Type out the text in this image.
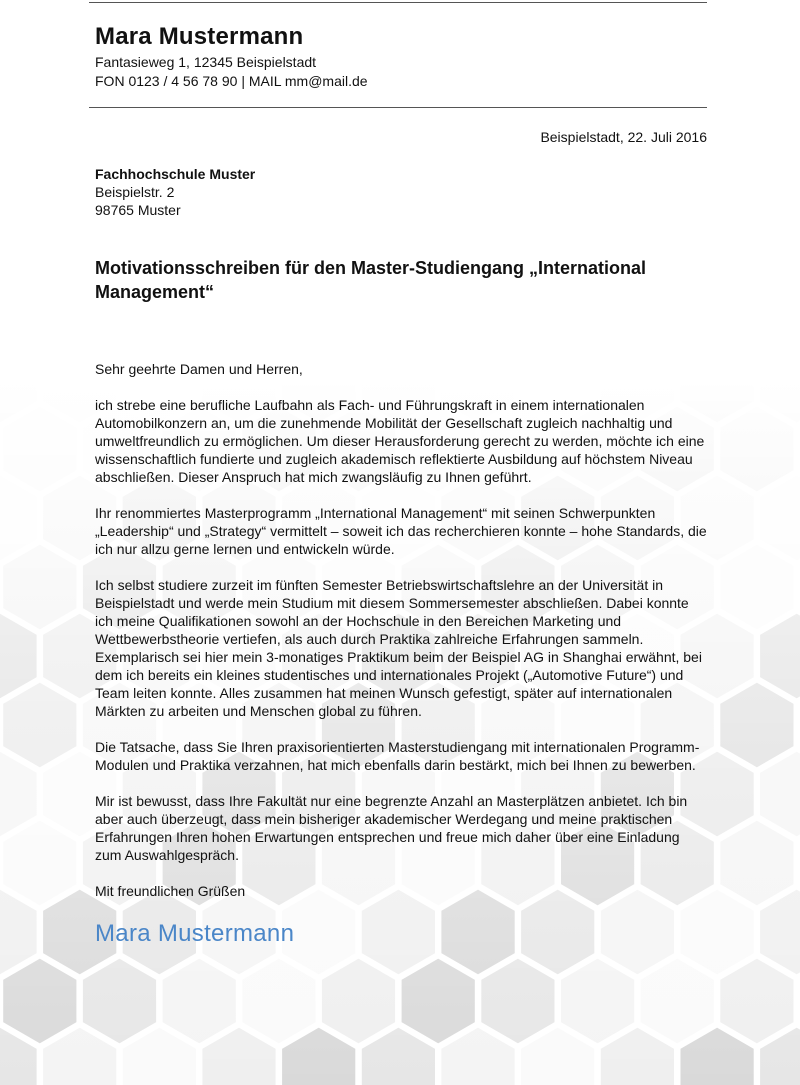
Mara Mustermann
Fantasieweg 1, 12345 Beispielstadt
FON 0123 / 4 56 78 90 | MAIL mm@mail.de
Beispielstadt, 22. Juli 2016
Fachhochschule Muster
Beispielstr. 2
98765 Muster
Motivationsschreiben für den Master-Studiengang „International Management“

Sehr geehrte Damen und Herren,

ich strebe eine berufliche Laufbahn als Fach- und Führungskraft in einem internationalen Automobilkonzern an, um die zunehmende Mobilität der Gesellschaft zugleich nachhaltig und umweltfreundlich zu ermöglichen. Um dieser Herausforderung gerecht zu werden, möchte ich eine wissenschaftlich fundierte und zugleich akademisch reflektierte Ausbildung auf höchstem Niveau abschließen. Dieser Anspruch hat mich zwangsläufig zu Ihnen geführt.

Ihr renommiertes Masterprogramm „International Management“ mit seinen Schwerpunkten „Leadership“ und „Strategy“ vermittelt – soweit ich das recherchieren konnte – hohe Standards, die ich nur allzu gerne lernen und entwickeln würde.

Ich selbst studiere zurzeit im fünften Semester Betriebswirtschaftslehre an der Universität in Beispielstadt und werde mein Studium mit diesem Sommersemester abschließen. Dabei konnte ich meine Qualifikationen sowohl an der Hochschule in den Bereichen Marketing und Wettbewerbstheorie vertiefen, als auch durch Praktika zahlreiche Erfahrungen sammeln. Exemplarisch sei hier mein 3-monatiges Praktikum beim der Beispiel AG in Shanghai erwähnt, bei dem ich bereits ein kleines studentisches und internationales Projekt („Automotive Future“) und Team leiten konnte. Alles zusammen hat meinen Wunsch gefestigt, später auf internationalen Märkten zu arbeiten und Menschen global zu führen.

Die Tatsache, dass Sie Ihren praxisorientierten Masterstudiengang mit internationalen Programm-Modulen und Praktika verzahnen, hat mich ebenfalls darin bestärkt, mich bei Ihnen zu bewerben.

Mir ist bewusst, dass Ihre Fakultät nur eine begrenzte Anzahl an Masterplätzen anbietet. Ich bin aber auch überzeugt, dass mein bisheriger akademischer Werdegang und meine praktischen Erfahrungen Ihren hohen Erwartungen entsprechen und freue mich daher über eine Einladung zum Auswahlgespräch.

Mit freundlichen Grüßen

Mara Mustermann
